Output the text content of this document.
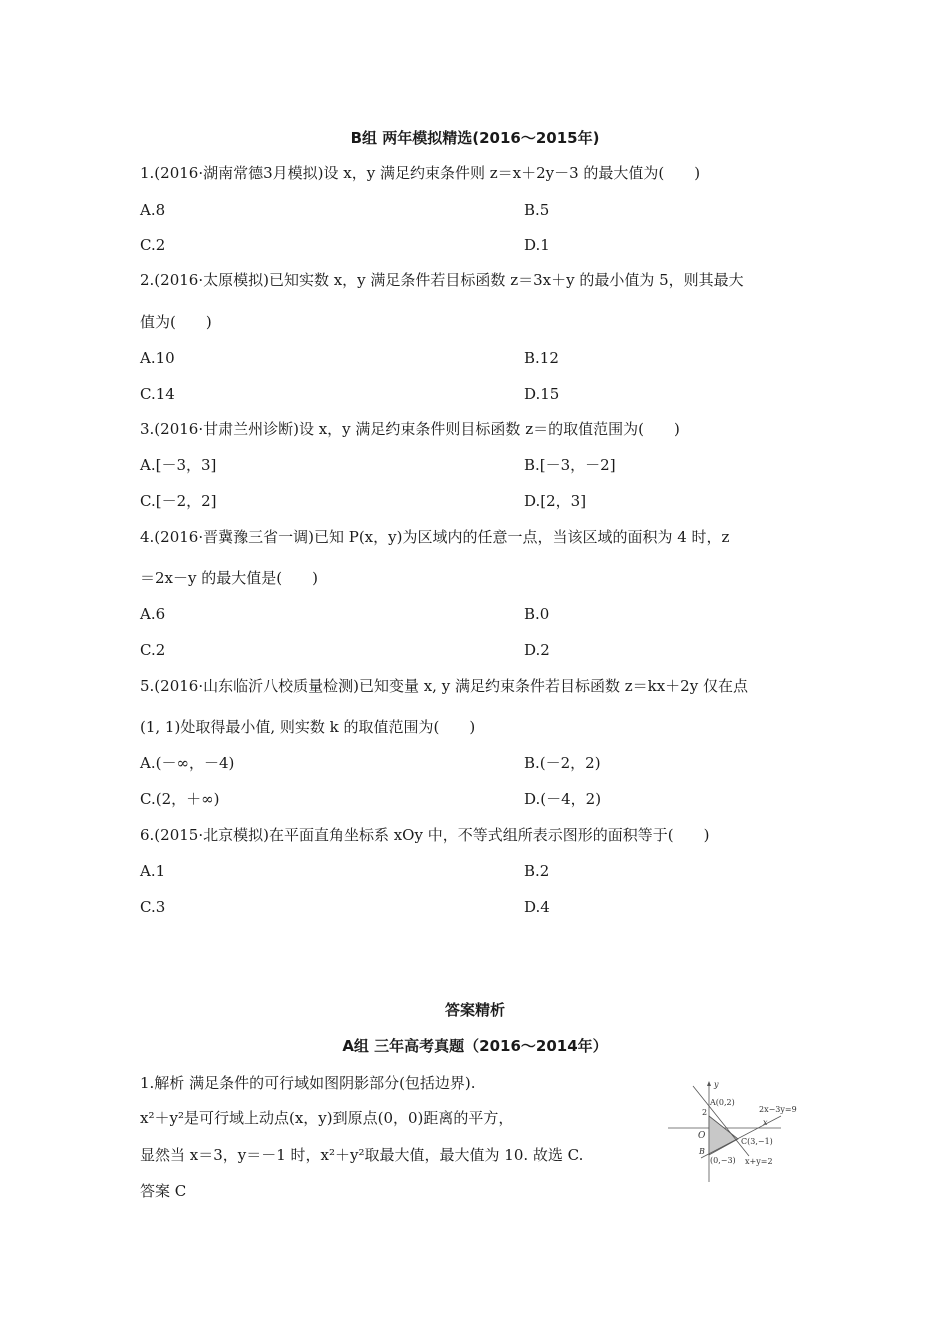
B组 两年模拟精选(2016～2015年)
1.(2016·湖南常德3月模拟)设 x，y 满足约束条件则 z＝x＋2y－3 的最大值为(　　)
A.8	B.5
C.2	D.1
2.(2016·太原模拟)已知实数 x，y 满足条件若目标函数 z＝3x＋y 的最小值为 5，则其最大
值为(　　)
A.10	B.12
C.14	D.15
3.(2016·甘肃兰州诊断)设 x，y 满足约束条件则目标函数 z＝的取值范围为(　　)
A.[－3，3]	B.[－3，－2]
C.[－2，2]	D.[2，3]
4.(2016·晋冀豫三省一调)已知 P(x，y)为区域内的任意一点，当该区域的面积为 4 时，z
＝2x－y 的最大值是(　　)
A.6	B.0
C.2	D.2
5.(2016·山东临沂八校质量检测)已知变量 x, y 满足约束条件若目标函数 z＝kx＋2y 仅在点
(1, 1)处取得最小值, 则实数 k 的取值范围为(　　)
A.(－∞，－4)	B.(－2，2)
C.(2，＋∞)	D.(－4，2)
6.(2015·北京模拟)在平面直角坐标系 xOy 中，不等式组所表示图形的面积等于(　　)
A.1	B.2
C.3	D.4
答案精析
A组 三年高考真题（2016～2014年）
1.解析 满足条件的可行域如图阴影部分(包括边界).
x²＋y²是可行域上动点(x，y)到原点(0，0)距离的平方，
显然当 x＝3，y＝－1 时，x²＋y²取最大值，最大值为 10. 故选 C.
答案 C
y
x
2
O
A(0,2)
B
C(3,−1)
(0,−3)
2x−3y=9
x+y=2
